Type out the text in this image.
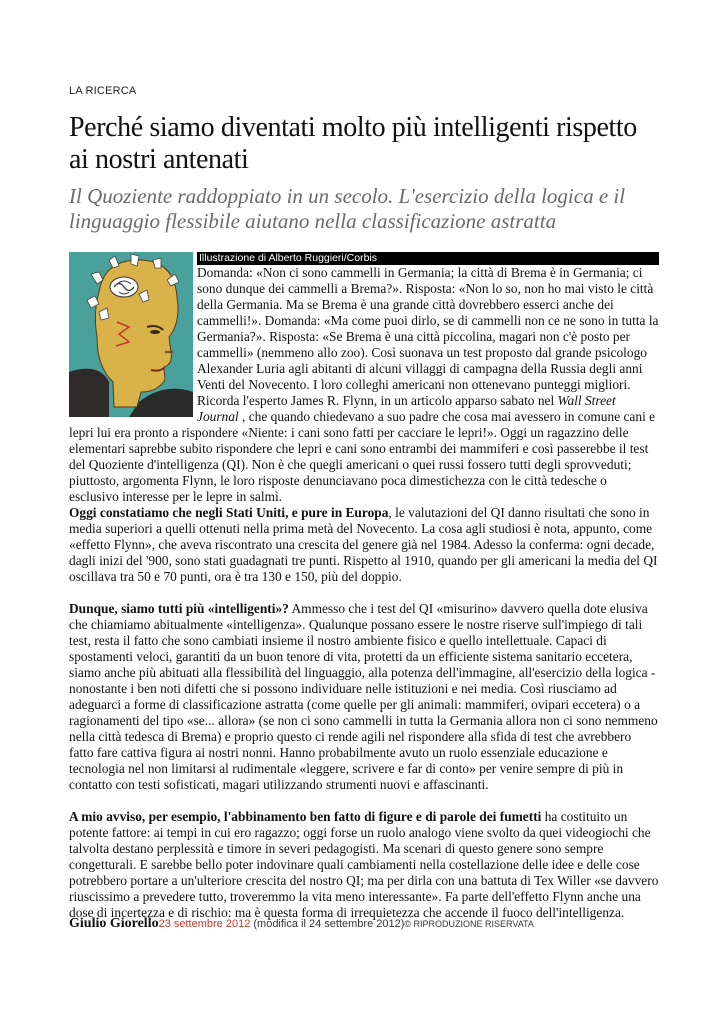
LA RICERCA
Perché siamo diventati molto più intelligenti rispetto ai nostri antenati
Il Quoziente raddoppiato in un secolo. L'esercizio della logica e il linguaggio flessibile aiutano nella classificazione astratta
Illustrazione di Alberto Ruggieri/Corbis

Domanda: «Non ci sono cammelli in Germania; la città di Brema è in Germania; ci sono dunque dei cammelli a Brema?». Risposta: «Non lo so, non ho mai visto le città della Germania. Ma se Brema è una grande città dovrebbero esserci anche dei cammelli!». Domanda: «Ma come puoi dirlo, se di cammelli non ce ne sono in tutta la Germania?». Risposta: «Se Brema è una città piccolina, magari non c'è posto per cammelli» (nemmeno allo zoo). Così suonava un test proposto dal grande psicologo Alexander Luria agli abitanti di alcuni villaggi di campagna della Russia degli anni Venti del Novecento. I loro colleghi americani non ottenevano punteggi migliori. Ricorda l'esperto James R. Flynn, in un articolo apparso sabato nel Wall Street Journal , che quando chiedevano a suo padre che cosa mai avessero in comune cani e lepri lui era pronto a rispondere «Niente: i cani sono fatti per cacciare le lepri!». Oggi un ragazzino delle elementari saprebbe subito rispondere che lepri e cani sono entrambi dei mammiferi e così passerebbe il test del Quoziente d'intelligenza (QI). Non è che quegli americani o quei russi fossero tutti degli sprovveduti; piuttosto, argomenta Flynn, le loro risposte denunciavano poca dimestichezza con le città tedesche o esclusivo interesse per le lepre in salmì.

Oggi constatiamo che negli Stati Uniti, e pure in Europa, le valutazioni del QI danno risultati che sono in media superiori a quelli ottenuti nella prima metà del Novecento. La cosa agli studiosi è nota, appunto, come «effetto Flynn», che aveva riscontrato una crescita del genere già nel 1984. Adesso la conferma: ogni decade, dagli inizi del '900, sono stati guadagnati tre punti. Rispetto al 1910, quando per gli americani la media del QI oscillava tra 50 e 70 punti, ora è tra 130 e 150, più del doppio.

Dunque, siamo tutti più «intelligenti»? Ammesso che i test del QI «misurino» davvero quella dote elusiva che chiamiamo abitualmente «intelligenza». Qualunque possano essere le nostre riserve sull'impiego di tali test, resta il fatto che sono cambiati insieme il nostro ambiente fisico e quello intellettuale. Capaci di spostamenti veloci, garantiti da un buon tenore di vita, protetti da un efficiente sistema sanitario eccetera, siamo anche più abituati alla flessibilità del linguaggio, alla potenza dell'immagine, all'esercizio della logica - nonostante i ben noti difetti che si possono individuare nelle istituzioni e nei media. Così riusciamo ad adeguarci a forme di classificazione astratta (come quelle per gli animali: mammiferi, ovipari eccetera) o a ragionamenti del tipo «se... allora» (se non ci sono cammelli in tutta la Germania allora non ci sono nemmeno nella città tedesca di Brema) e proprio questo ci rende agili nel rispondere alla sfida di test che avrebbero fatto fare cattiva figura ai nostri nonni. Hanno probabilmente avuto un ruolo essenziale educazione e tecnologia nel non limitarsi al rudimentale «leggere, scrivere e far di conto» per venire sempre di più in contatto con testi sofisticati, magari utilizzando strumenti nuovi e affascinanti.

A mio avviso, per esempio, l'abbinamento ben fatto di figure e di parole dei fumetti ha costituito un potente fattore: ai tempi in cui ero ragazzo; oggi forse un ruolo analogo viene svolto da quei videogiochi che talvolta destano perplessità e timore in severi pedagogisti. Ma scenari di questo genere sono sempre congetturali. E sarebbe bello poter indovinare quali cambiamenti nella costellazione delle idee e delle cose potrebbero portare a un'ulteriore crescita del nostro QI; ma per dirla con una battuta di Tex Willer «se davvero riuscissimo a prevedere tutto, troveremmo la vita meno interessante». Fa parte dell'effetto Flynn anche una dose di incertezza e di rischio: ma è questa forma di irrequietezza che accende il fuoco dell'intelligenza.

Giulio Giorello23 settembre 2012 (modifica il 24 settembre 2012)© RIPRODUZIONE RISERVATA
